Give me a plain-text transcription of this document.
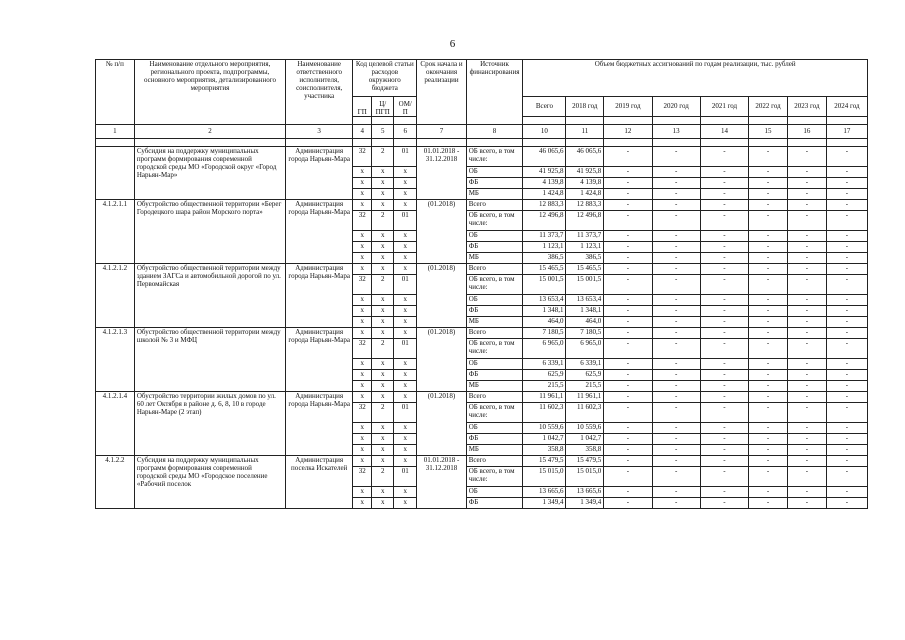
6
№ п/п	Наименование отдельного мероприятия, регионального проекта, подпрограммы, основного мероприятия, детализированного мероприятия	Наименование ответственного исполнителя, соисполнителя, участника	Код целевой статьи расходов окружного бюджета			Срок начала и окончания реализации	Источник финансирования	Объем бюджетных ассигнований по годам реализации, тыс. рублей							
			ГП	Ц/ПГП	ОМ/П			Всего	2018 год	2019 год	2020 год	2021 год	2022 год	2023 год	2024 год

1	2	3	4	5	6	7	8	10	11	12	13	14	15	16	17

	Субсидия на поддержку муниципальных программ формирования современной городской среды МО «Городской округ «Город Нарьян-Мар»	Администрация города Нарьян-Мара	32	2	01	01.01.2018 - 31.12.2018	ОБ всего, в том числе:	46 065,6	46 065,6	-	-	-	-	-	-
			х	х	х		ОБ	41 925,8	41 925,8	-	-	-	-	-	-
			х	х	х		ФБ	4 139,8	4 139,8	-	-	-	-	-	-
			х	х	х		МБ	1 424,8	1 424,8	-	-	-	-	-	-
4.1.2.1.1	Обустройство общественной территории «Берег Городецкого шара район Морского порта»	Администрация города Нарьян-Мара	х	х	х	(01.2018)	Всего	12 883,3	12 883,3	-	-	-	-	-	-
			32	2	01		ОБ всего, в том числе:	12 496,8	12 496,8	-	-	-	-	-	-
			х	х	х		ОБ	11 373,7	11 373,7	-	-	-	-	-	-
			х	х	х		ФБ	1 123,1	1 123,1	-	-	-	-	-	-
			х	х	х		МБ	386,5	386,5	-	-	-	-	-	-
4.1.2.1.2	Обустройство общественной территории между зданием ЗАГСа и автомобильной дорогой по ул. Первомайская	Администрация города Нарьян-Мара	х	х	х	(01.2018)	Всего	15 465,5	15 465,5	-	-	-	-	-	-
			32	2	01		ОБ всего, в том числе:	15 001,5	15 001,5	-	-	-	-	-	-
			х	х	х		ОБ	13 653,4	13 653,4	-	-	-	-	-	-
			х	х	х		ФБ	1 348,1	1 348,1	-	-	-	-	-	-
			х	х	х		МБ	464,0	464,0	-	-	-	-	-	-
4.1.2.1.3	Обустройство общественной территории между школой № 3 и МФЦ	Администрация города Нарьян-Мара	х	х	х	(01.2018)	Всего	7 180,5	7 180,5	-	-	-	-	-	-
			32	2	01		ОБ всего, в том числе:	6 965,0	6 965,0	-	-	-	-	-	-
			х	х	х		ОБ	6 339,1	6 339,1	-	-	-	-	-	-
			х	х	х		ФБ	625,9	625,9	-	-	-	-	-	-
			х	х	х		МБ	215,5	215,5	-	-	-	-	-	-
4.1.2.1.4	Обустройство территории жилых домов по ул. 60 лет Октября в районе д. 6, 8, 10 в городе Нарьян-Маре (2 этап)	Администрация города Нарьян-Мара	х	х	х	(01.2018)	Всего	11 961,1	11 961,1	-	-	-	-	-	-
			32	2	01		ОБ всего, в том числе:	11 602,3	11 602,3	-	-	-	-	-	-
			х	х	х		ОБ	10 559,6	10 559,6	-	-	-	-	-	-
			х	х	х		ФБ	1 042,7	1 042,7	-	-	-	-	-	-
			х	х	х		МБ	358,8	358,8	-	-	-	-	-	-
4.1.2.2	Субсидия на поддержку муниципальных программ формирования современной городской среды МО «Городское поселение «Рабочий поселок	Администрация поселка Искателей	х	х	х	01.01.2018 - 31.12.2018	Всего	15 479,5	15 479,5	-	-	-	-	-	-
			32	2	01		ОБ всего, в том числе:	15 015,0	15 015,0	-	-	-	-	-	-
			х	х	х		ОБ	13 665,6	13 665,6	-	-	-	-	-	-
			х	х	х		ФБ	1 349,4	1 349,4	-	-	-	-	-	-
